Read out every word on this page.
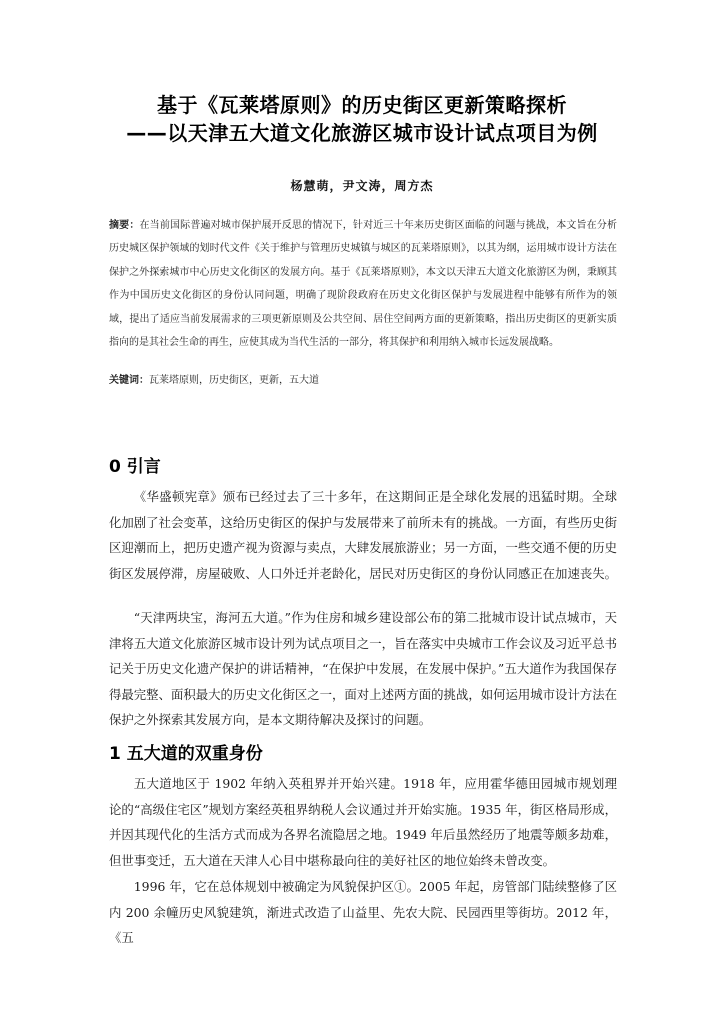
基于《瓦莱塔原则》的历史街区更新策略探析
——以天津五大道文化旅游区城市设计试点项目为例
杨慧萌，尹文涛，周方杰
摘要：在当前国际普遍对城市保护展开反思的情况下，针对近三十年来历史街区面临的问题与挑战，本文旨在分析历史城区保护领域的划时代文件《关于维护与管理历史城镇与城区的瓦莱塔原则》，以其为纲，运用城市设计方法在保护之外探索城市中心历史文化街区的发展方向。基于《瓦莱塔原则》，本文以天津五大道文化旅游区为例，秉顾其作为中国历史文化街区的身份认同问题，明确了现阶段政府在历史文化街区保护与发展进程中能够有所作为的领域，提出了适应当前发展需求的三项更新原则及公共空间、居住空间两方面的更新策略，指出历史街区的更新实质指向的是其社会生命的再生，应使其成为当代生活的一部分，将其保护和利用纳入城市长远发展战略。
关键词：瓦莱塔原则，历史街区，更新，五大道
0 引言

《华盛顿宪章》颁布已经过去了三十多年，在这期间正是全球化发展的迅猛时期。全球化加剧了社会变革，这给历史街区的保护与发展带来了前所未有的挑战。一方面，有些历史街区迎潮而上，把历史遗产视为资源与卖点，大肆发展旅游业；另一方面，一些交通不便的历史街区发展停滞，房屋破败、人口外迁并老龄化，居民对历史街区的身份认同感正在加速丧失。

“天津两块宝，海河五大道。”作为住房和城乡建设部公布的第二批城市设计试点城市，天津将五大道文化旅游区城市设计列为试点项目之一，旨在落实中央城市工作会议及习近平总书记关于历史文化遗产保护的讲话精神，“在保护中发展，在发展中保护。”五大道作为我国保存得最完整、面积最大的历史文化街区之一，面对上述两方面的挑战，如何运用城市设计方法在保护之外探索其发展方向，是本文期待解决及探讨的问题。

1 五大道的双重身份

五大道地区于 1902 年纳入英租界并开始兴建。1918 年，应用霍华德田园城市规划理论的“高级住宅区”规划方案经英租界纳税人会议通过并开始实施。1935 年，街区格局形成，并因其现代化的生活方式而成为各界名流隐居之地。1949 年后虽然经历了地震等颇多劫难，但世事变迁，五大道在天津人心目中堪称最向往的美好社区的地位始终未曾改变。

1996 年，它在总体规划中被确定为风貌保护区①。2005 年起，房管部门陆续整修了区内 200 余幢历史风貌建筑，渐进式改造了山益里、先农大院、民园西里等街坊。2012 年，《五
